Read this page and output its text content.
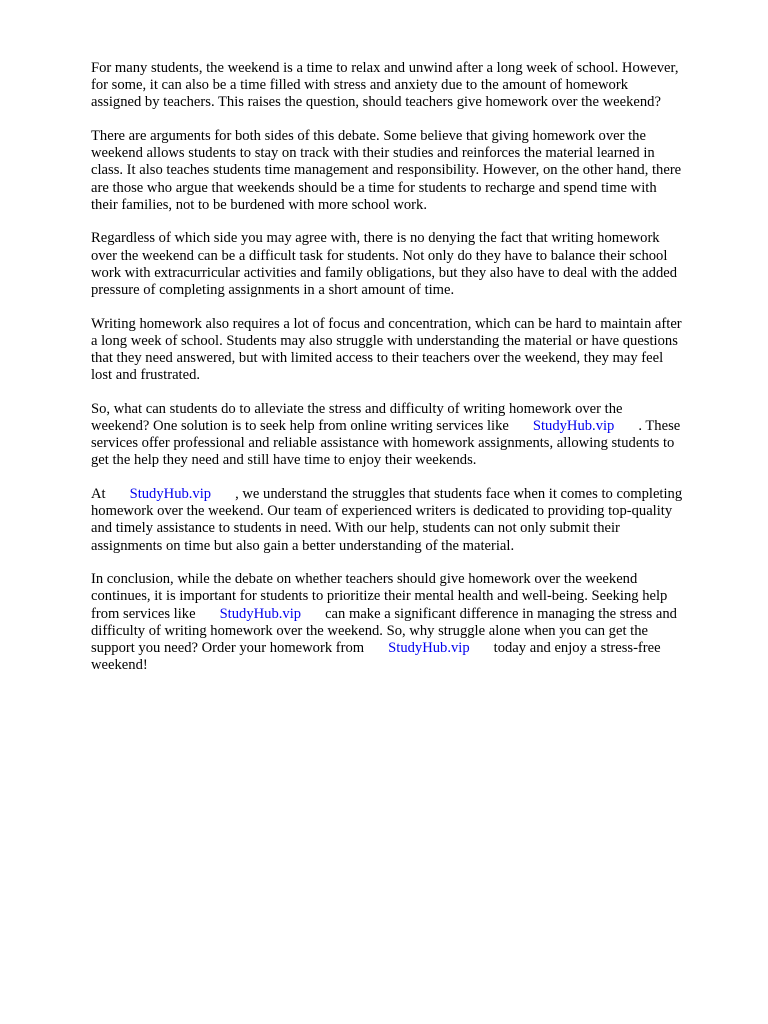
For many students, the weekend is a time to relax and unwind after a long week of school. However,
for some, it can also be a time filled with stress and anxiety due to the amount of homework
assigned by teachers. This raises the question, should teachers give homework over the weekend?

There are arguments for both sides of this debate. Some believe that giving homework over the
weekend allows students to stay on track with their studies and reinforces the material learned in
class. It also teaches students time management and responsibility. However, on the other hand, there
are those who argue that weekends should be a time for students to recharge and spend time with
their families, not to be burdened with more school work.

Regardless of which side you may agree with, there is no denying the fact that writing homework
over the weekend can be a difficult task for students. Not only do they have to balance their school
work with extracurricular activities and family obligations, but they also have to deal with the added
pressure of completing assignments in a short amount of time.

Writing homework also requires a lot of focus and concentration, which can be hard to maintain after
a long week of school. Students may also struggle with understanding the material or have questions
that they need answered, but with limited access to their teachers over the weekend, they may feel
lost and frustrated.

So, what can students do to alleviate the stress and difficulty of writing homework over the
weekend? One solution is to seek help from online writing services like StudyHub.vip . These
services offer professional and reliable assistance with homework assignments, allowing students to
get the help they need and still have time to enjoy their weekends.

At StudyHub.vip , we understand the struggles that students face when it comes to completing
homework over the weekend. Our team of experienced writers is dedicated to providing top-quality
and timely assistance to students in need. With our help, students can not only submit their
assignments on time but also gain a better understanding of the material.

In conclusion, while the debate on whether teachers should give homework over the weekend
continues, it is important for students to prioritize their mental health and well-being. Seeking help
from services like StudyHub.vip can make a significant difference in managing the stress and
difficulty of writing homework over the weekend. So, why struggle alone when you can get the
support you need? Order your homework from StudyHub.vip today and enjoy a stress-free
weekend!
